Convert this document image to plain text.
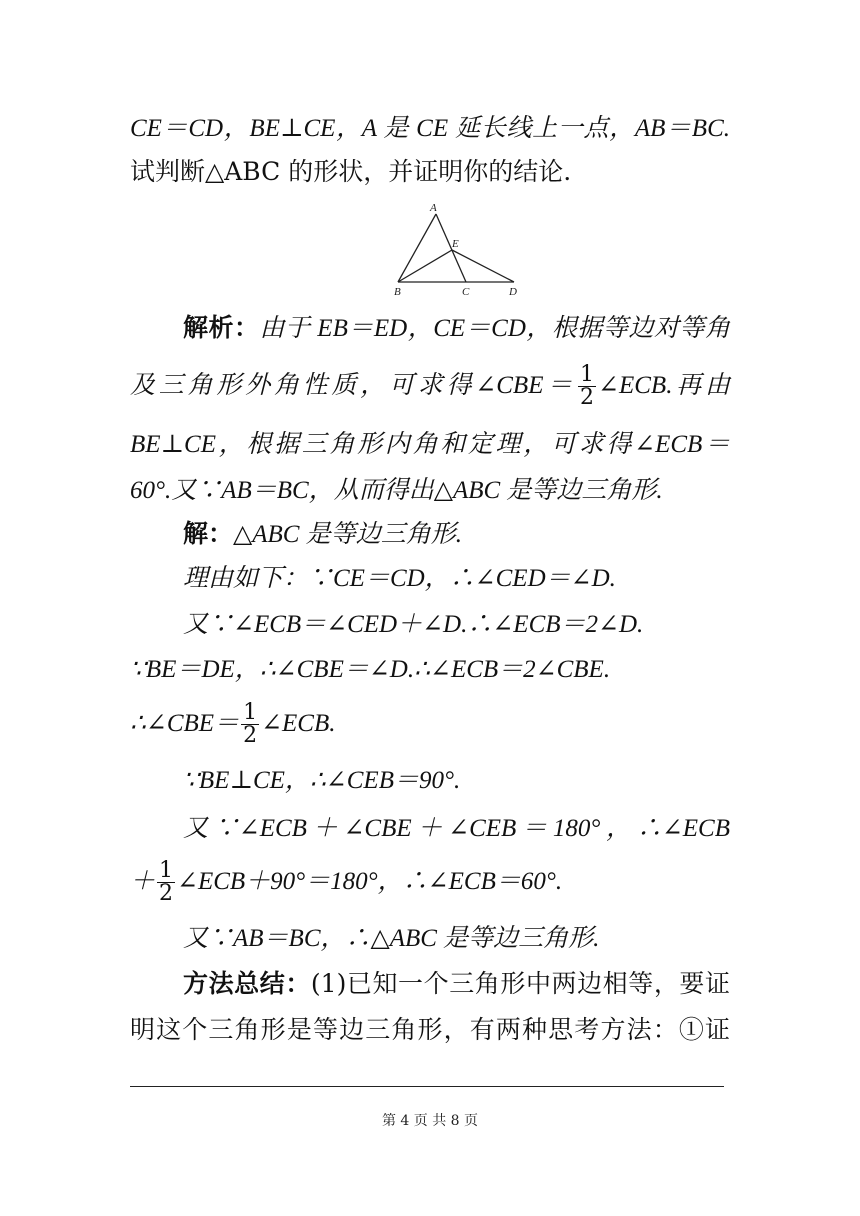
CE＝CD，BE⊥CE，A 是 CE 延长线上一点，AB＝BC.
试判断△ABC 的形状，并证明你的结论.
A
E
B	C	D
解析：由于 EB＝ED，CE＝CD，根据等边对等角
及三角形外角性质，可求得∠CBE＝ $\frac{1}{2}$ ∠ECB.再由
BE⊥CE，根据三角形内角和定理，可求得∠ECB＝
60°.又∵AB＝BC，从而得出△ABC 是等边三角形.
解：△ABC 是等边三角形.
理由如下：∵CE＝CD，∴∠CED＝∠D.
又∵∠ECB＝∠CED＋∠D.∴∠ECB＝2∠D.
∵BE＝DE，∴∠CBE＝∠D.∴∠ECB＝2∠CBE.
∴∠CBE＝ $\frac{1}{2}$ ∠ECB.
∵BE⊥CE，∴∠CEB＝90°.
又∵∠ECB＋∠CBE＋∠CEB＝180°，∴∠ECB
＋ $\frac{1}{2}$ ∠ECB＋90°＝180°，∴∠ECB＝60°.
又∵AB＝BC，∴△ABC 是等边三角形.
方法总结：(1)已知一个三角形中两边相等，要证
明这个三角形是等边三角形，有两种思考方法：①证
第 4 页 共 8 页
